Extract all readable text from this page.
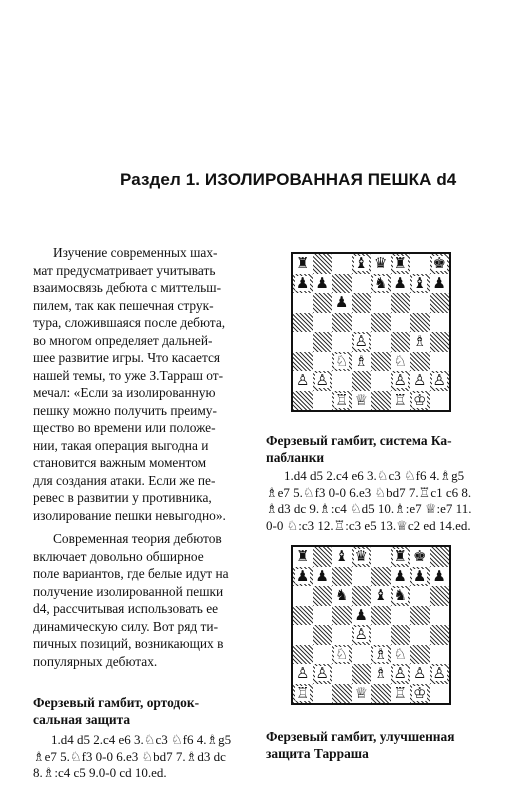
Раздел 1. ИЗОЛИРОВАННАЯ ПЕШКА d4

Изучение современных шах-
мат предусматривает учитывать
взаимосвязь дебюта с миттельш-
пилем, так как пешечная струк-
тура, сложившаяся после дебюта,
во многом определяет дальней-
шее развитие игры. Что касается
нашей темы, то уже З.Тарраш от-
мечал: «Если за изолированную
пешку можно получить преиму-
щество во времени или положе-
нии, такая операция выгодна и
становится важным моментом
для создания атаки. Если же пе-
ревес в развитии у противника,
изолирование пешки невыгодно».

Современная теория дебютов
включает довольно обширное
поле вариантов, где белые идут на
получение изолированной пешки
d4, рассчитывая использовать ее
динамическую силу. Вот ряд ти-
пичных позиций, возникающих в
популярных дебютах.

Ферзевый гамбит, ортодок-
сальная защита

1.d4 d5 2.c4 e6 3.♘c3 ♘f6 4.♗g5
♗e7 5.♘f3 0-0 6.e3 ♘bd7 7.♗d3 dc
8.♗:c4 c5 9.0-0 cd 10.ed.

♜	♝ ♛ ♜ ♚
♟ ♟	♞ ♟ ♝ ♟
♟
♙	♗
♘ ♗ ♘
♙ ♙	♙ ♙ ♙
♖ ♕ ♖ ♔

Ферзевый гамбит, система Ка-
пабланки

1.d4 d5 2.c4 e6 3.♘c3 ♘f6 4.♗g5
♗e7 5.♘f3 0-0 6.e3 ♘bd7 7.♖c1 c6 8.
♗d3 dc 9.♗:c4 ♘d5 10.♗:e7 ♕:e7 11.
0-0 ♘:c3 12.♖:c3 e5 13.♕c2 ed 14.ed.

♜ ♝ ♛ ♜ ♚
♟ ♟	♟ ♟ ♟
♞ ♝ ♞
♟
♙
♘ ♗ ♘
♙ ♙	♗ ♙ ♙ ♙
♖	♕ ♖ ♔

Ферзевый гамбит, улучшенная
защита Тарраша
